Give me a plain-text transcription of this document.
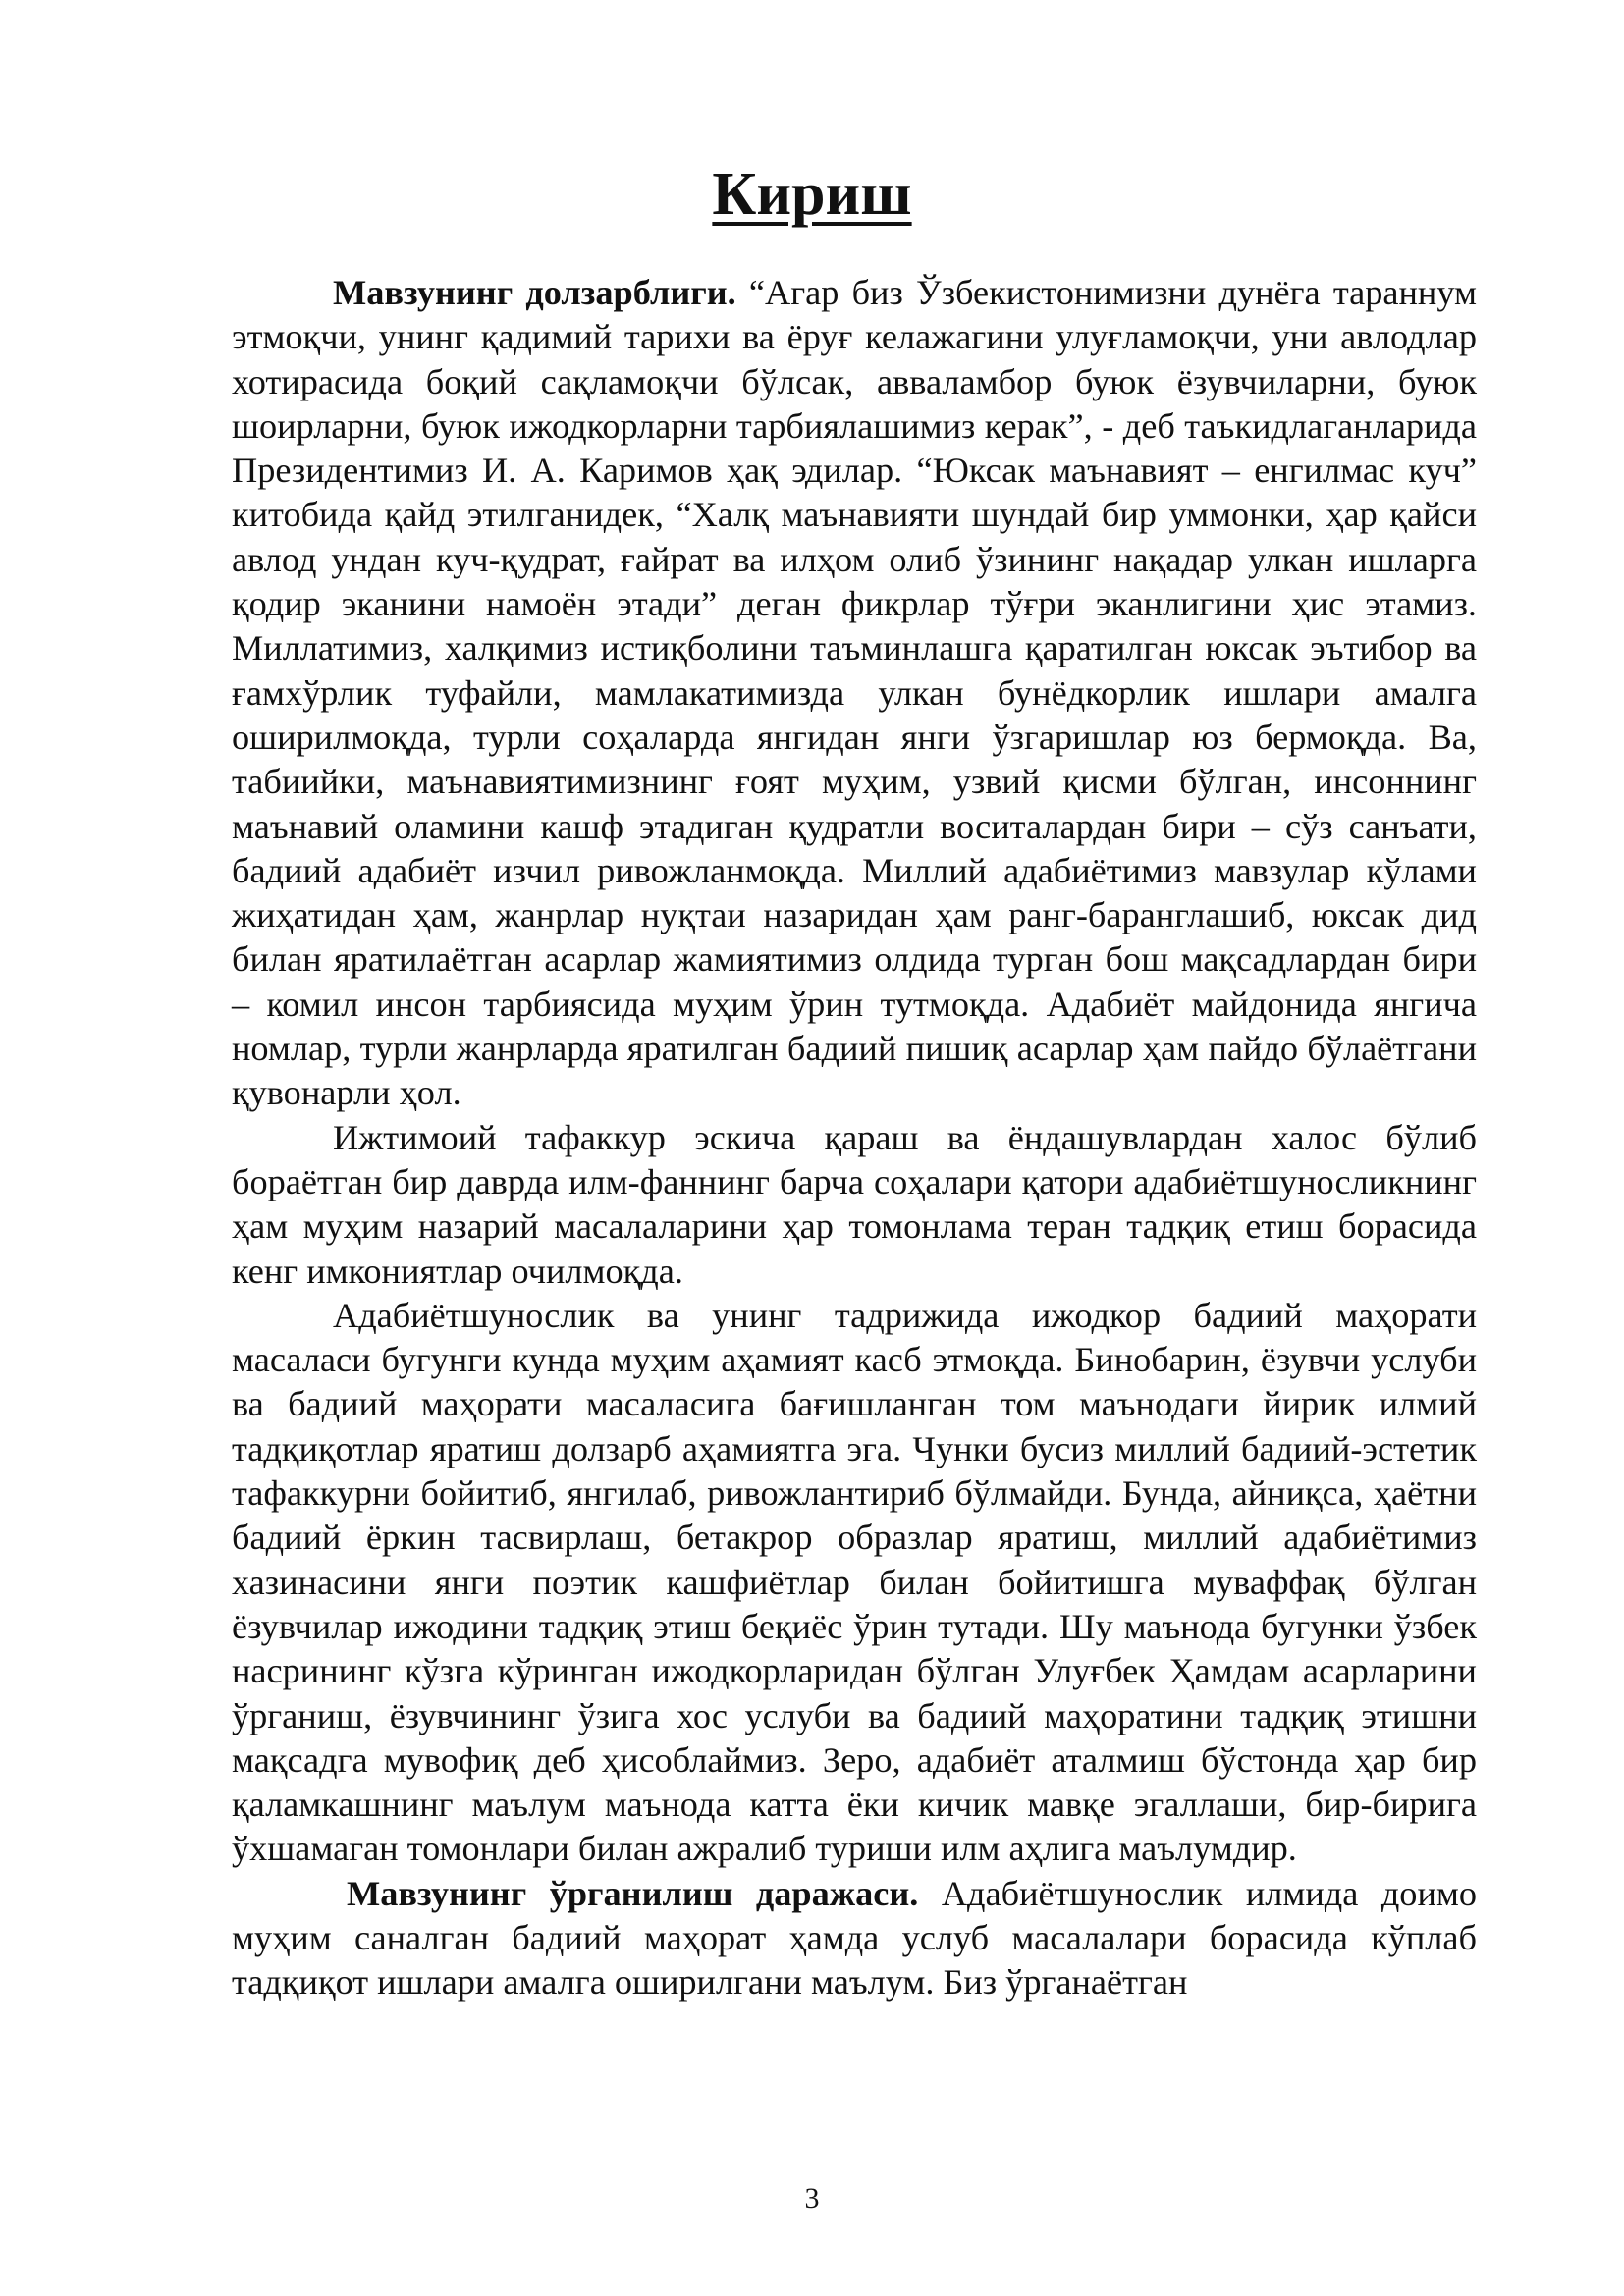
Кириш

Мавзунинг долзарблиги. “Агар биз Ўзбекистонимизни дунёга тараннум этмоқчи, унинг қадимий тарихи ва ёруғ келажагини улуғламоқчи, уни авлодлар хотирасида боқий сақламоқчи бўлсак, авваламбор буюк ёзувчиларни, буюк шоирларни, буюк ижодкорларни тарбиялашимиз керак”, - деб таъкидлаганларида Президентимиз И. А. Каримов ҳақ эдилар. “Юксак маънавият – енгилмас куч” китобида қайд этилганидек, “Халқ маънавияти шундай бир уммонки, ҳар қайси авлод ундан куч-қудрат, ғайрат ва илҳом олиб ўзининг нақадар улкан ишларга қодир эканини намоён этади” деган фикрлар тўғри эканлигини ҳис этамиз. Миллатимиз, халқимиз истиқболини таъминлашга қаратилган юксак эътибор ва ғамхўрлик туфайли, мамлакатимизда улкан бунёдкорлик ишлари амалга оширилмоқда, турли соҳаларда янгидан янги ўзгаришлар юз бермоқда. Ва, табиийки, маънавиятимизнинг ғоят муҳим, узвий қисми бўлган, инсоннинг маънавий оламини кашф этадиган қудратли воситалардан бири – сўз санъати, бадиий адабиёт изчил ривожланмоқда. Миллий адабиётимиз мавзулар кўлами жиҳатидан ҳам, жанрлар нуқтаи назаридан ҳам ранг-баранглашиб, юксак дид билан яратилаётган асарлар жамиятимиз олдида турган бош мақсадлардан бири – комил инсон тарбиясида муҳим ўрин тутмоқда. Адабиёт майдонида янгича номлар, турли жанрларда яратилган бадиий пишиқ асарлар ҳам пайдо бўлаётгани қувонарли ҳол.

Ижтимоий тафаккур эскича қараш ва ёндашувлардан халос бўлиб бораётган бир даврда илм-фаннинг барча соҳалари қатори адабиётшуносликнинг ҳам муҳим назарий масалаларини ҳар томонлама теран тадқиқ етиш борасида кенг имкониятлар очилмоқда.

Адабиётшунослик ва унинг тадрижида ижодкор бадиий маҳорати масаласи бугунги кунда муҳим аҳамият касб этмоқда. Бинобарин, ёзувчи услуби ва бадиий маҳорати масаласига бағишланган том маънодаги йирик илмий тадқиқотлар яратиш долзарб аҳамиятга эга. Чунки бусиз миллий бадиий-эстетик тафаккурни бойитиб, янгилаб, ривожлантириб бўлмайди. Бунда, айниқса, ҳаётни бадиий ёркин тасвирлаш, бетакрор образлар яратиш, миллий адабиётимиз хазинасини янги поэтик кашфиётлар билан бойитишга муваффақ бўлган ёзувчилар ижодини тадқиқ этиш беқиёс ўрин тутади. Шу маънода бугунки ўзбек насрининг кўзга кўринган ижодкорларидан бўлган Улуғбек Ҳамдам асарларини ўрганиш, ёзувчининг ўзига хос услуби ва бадиий маҳоратини тадқиқ этишни мақсадга мувофиқ деб ҳисоблаймиз. Зеро, адабиёт аталмиш бўстонда ҳар бир қаламкашнинг маълум маънода катта ёки кичик мавқе эгаллаши, бир-бирига ўхшамаган томонлари билан ажралиб туриши илм аҳлига маълумдир.

Мавзунинг ўрганилиш даражаси. Адабиётшунослик илмида доимо муҳим саналган бадиий маҳорат ҳамда услуб масалалари борасида кўплаб тадқиқот ишлари амалга оширилгани маълум. Биз ўрганаётган

3
